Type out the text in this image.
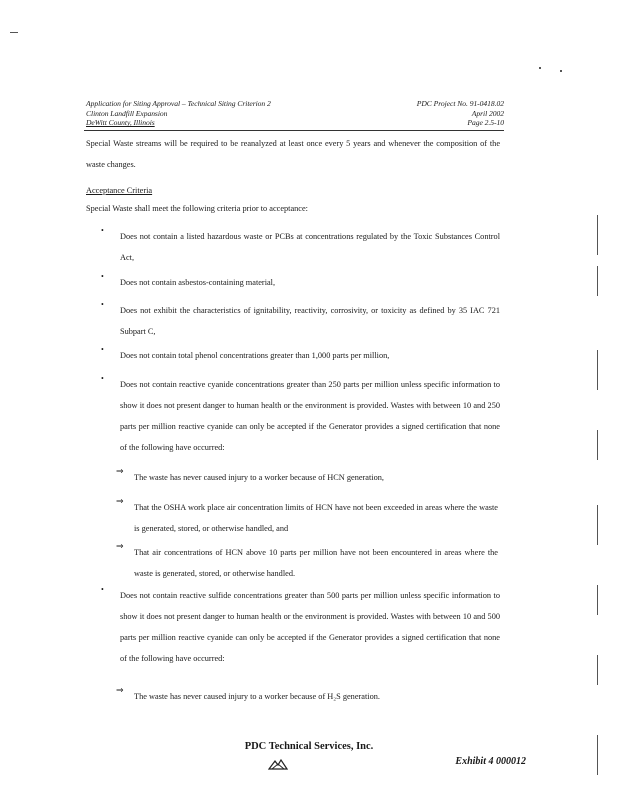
Application for Siting Approval – Technical Siting Criterion 2
Clinton Landfill Expansion
DeWitt County, Illinois
PDC Project No. 91-0418.02
April 2002
Page 2.5-10
Special Waste streams will be required to be reanalyzed at least once every 5 years and whenever the composition of the waste changes.
Acceptance Criteria
Special Waste shall meet the following criteria prior to acceptance:
•
Does not contain a listed hazardous waste or PCBs at concentrations regulated by the Toxic Substances Control Act,
•
Does not contain asbestos-containing material,
•
Does not exhibit the characteristics of ignitability, reactivity, corrosivity, or toxicity as defined by 35 IAC 721 Subpart C,
•
Does not contain total phenol concentrations greater than 1,000 parts per million,
•
Does not contain reactive cyanide concentrations greater than 250 parts per million unless specific information to show it does not present danger to human health or the environment is provided. Wastes with between 10 and 250 parts per million reactive cyanide can only be accepted if the Generator provides a signed certification that none of the following have occurred:
⇒
The waste has never caused injury to a worker because of HCN generation,
⇒
That the OSHA work place air concentration limits of HCN have not been exceeded in areas where the waste is generated, stored, or otherwise handled, and
⇒
That air concentrations of HCN above 10 parts per million have not been encountered in areas where the waste is generated, stored, or otherwise handled.
•
Does not contain reactive sulfide concentrations greater than 500 parts per million unless specific information to show it does not present danger to human health or the environment is provided. Wastes with between 10 and 500 parts per million reactive cyanide can only be accepted if the Generator provides a signed certification that none of the following have occurred:
⇒
The waste has never caused injury to a worker because of H₂S generation.
PDC Technical Services, Inc.
Exhibit 4 000012
